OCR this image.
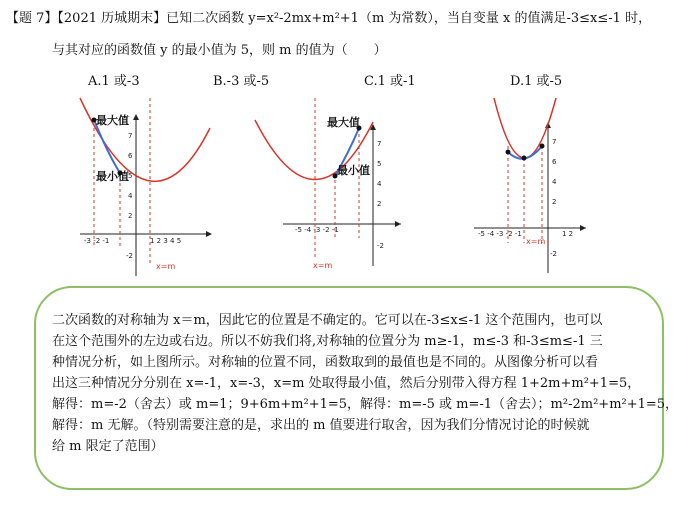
【题 7】【2021 历城期末】已知二次函数 y=x²-2mx+m²+1（m 为常数），当自变量 x 的值满足-3≤x≤-1 时，
与其对应的函数值 y 的最小值为 5，则 m 的值为（　　）
A.1 或-3	B.-3 或-5	C.1 或-1	D.1 或-5
-3 -2 -1	1 2 3 4 5
7
6
5
4
2
-2
最大值
最小值
x=m
-5 -4 -3 -2 -1
7
5
4
2
-2
最大值
最小值
x=m
-5 -4 -3 -2 -1	1 2
7
6
4
2
-2
x=m
二次函数的对称轴为 x＝m，因此它的位置是不确定的。它可以在-3≤x≤-1 这个范围内，也可以
在这个范围外的左边或右边。所以不妨我们将,对称轴的位置分为 m≥-1，m≤-3 和-3≤m≤-1 三
种情况分析，如上图所示。对称轴的位置不同，函数取到的最值也是不同的。从图像分析可以看
出这三种情况分分别在 x=-1，x=-3，x=m 处取得最小值，然后分别带入得方程 1+2m+m²+1=5，
解得：m=-2（舍去）或 m=1；9+6m+m²+1=5，解得：m=-5 或 m=-1（舍去）；m²-2m²+m²+1=5，
解得：m 无解。（特别需要注意的是，求出的 m 值要进行取舍，因为我们分情况讨论的时候就
给 m 限定了范围）
